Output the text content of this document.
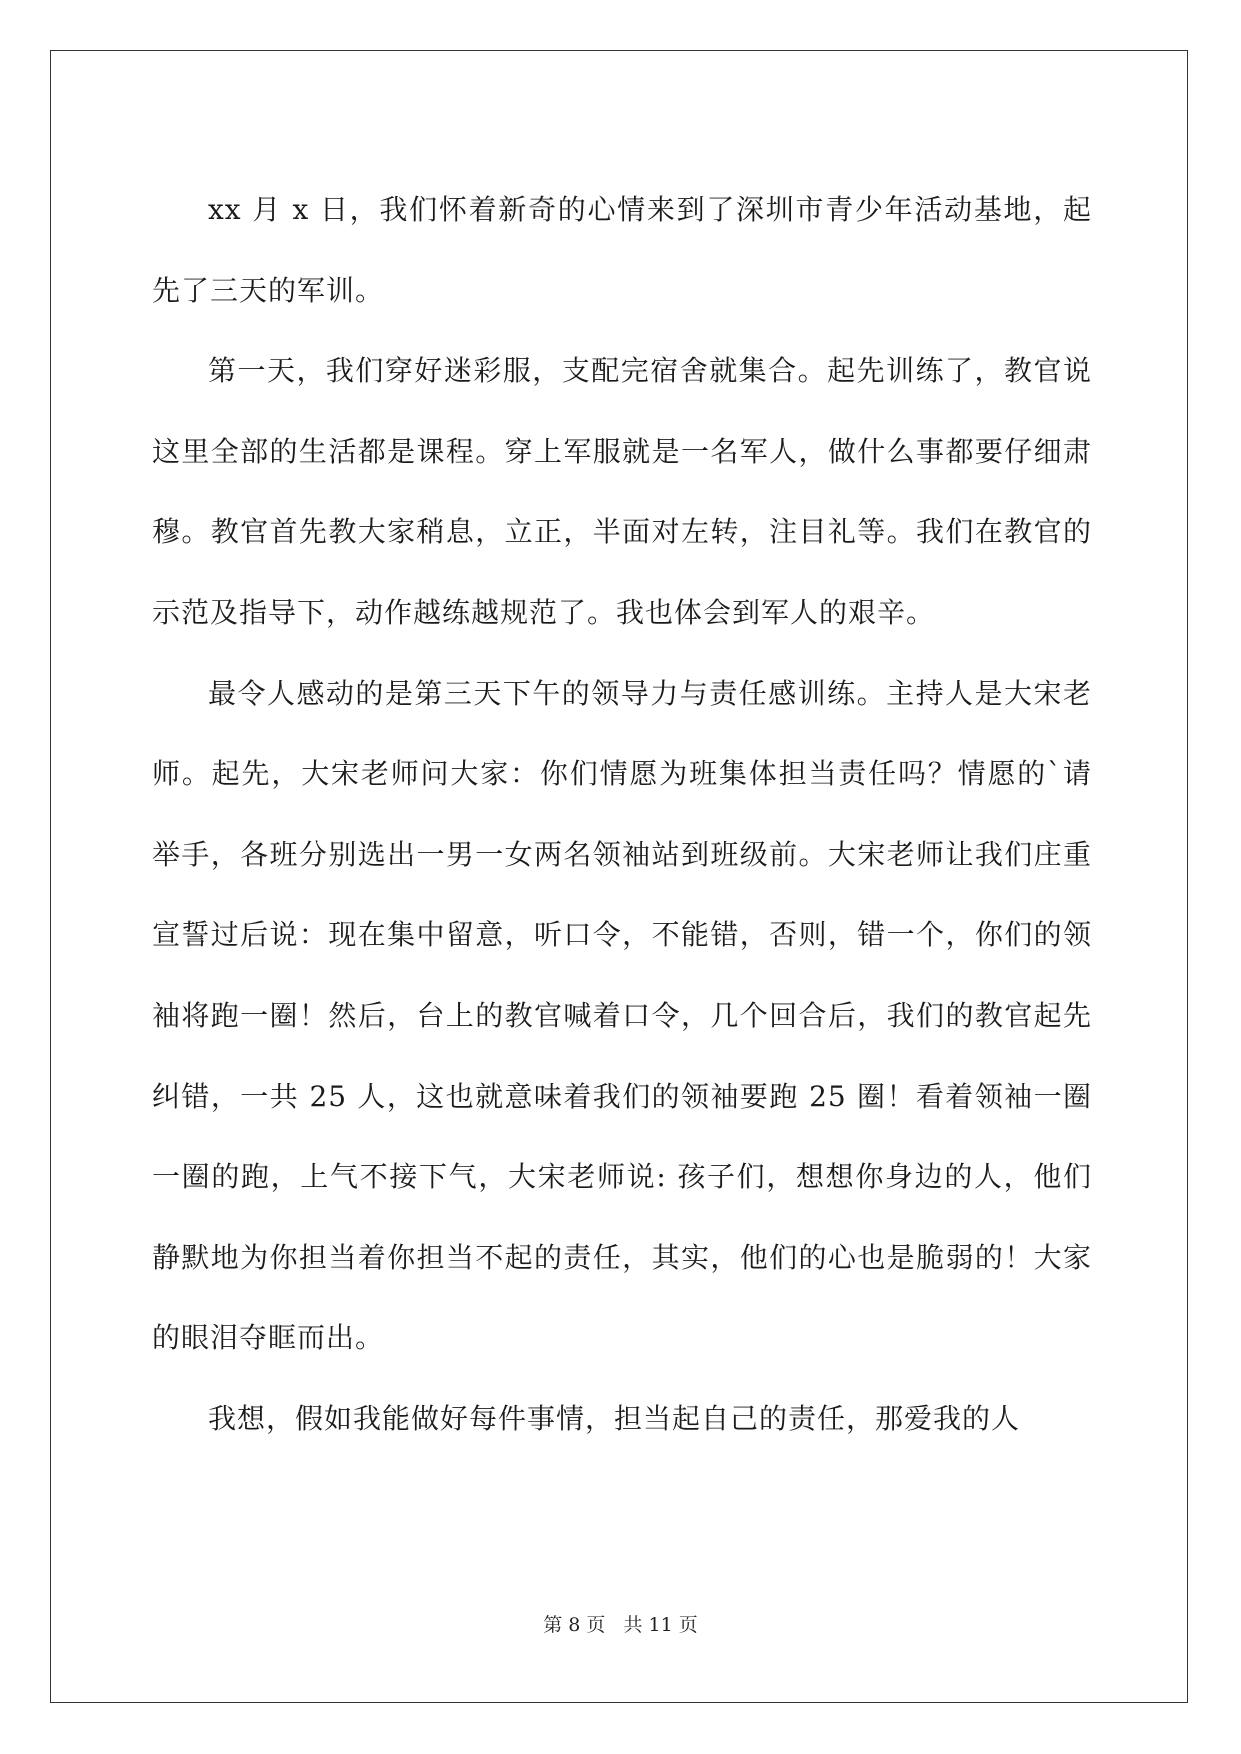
xx 月 x 日，我们怀着新奇的心情来到了深圳市青少年活动基地，起先了三天的军训。

第一天，我们穿好迷彩服，支配完宿舍就集合。起先训练了，教官说这里全部的生活都是课程。穿上军服就是一名军人，做什么事都要仔细肃穆。教官首先教大家稍息，立正，半面对左转，注目礼等。我们在教官的示范及指导下，动作越练越规范了。我也体会到军人的艰辛。

最令人感动的是第三天下午的领导力与责任感训练。主持人是大宋老师。起先，大宋老师问大家：你们情愿为班集体担当责任吗？情愿的`请举手，各班分别选出一男一女两名领袖站到班级前。大宋老师让我们庄重宣誓过后说：现在集中留意，听口令，不能错，否则，错一个，你们的领袖将跑一圈！然后，台上的教官喊着口令，几个回合后，我们的教官起先纠错，一共 25 人，这也就意味着我们的领袖要跑 25 圈！看着领袖一圈一圈的跑，上气不接下气，大宋老师说: 孩子们，想想你身边的人，他们静默地为你担当着你担当不起的责任，其实，他们的心也是脆弱的！大家的眼泪夺眶而出。

我想，假如我能做好每件事情，担当起自己的责任，那爱我的人

第 8 页 共 11 页
